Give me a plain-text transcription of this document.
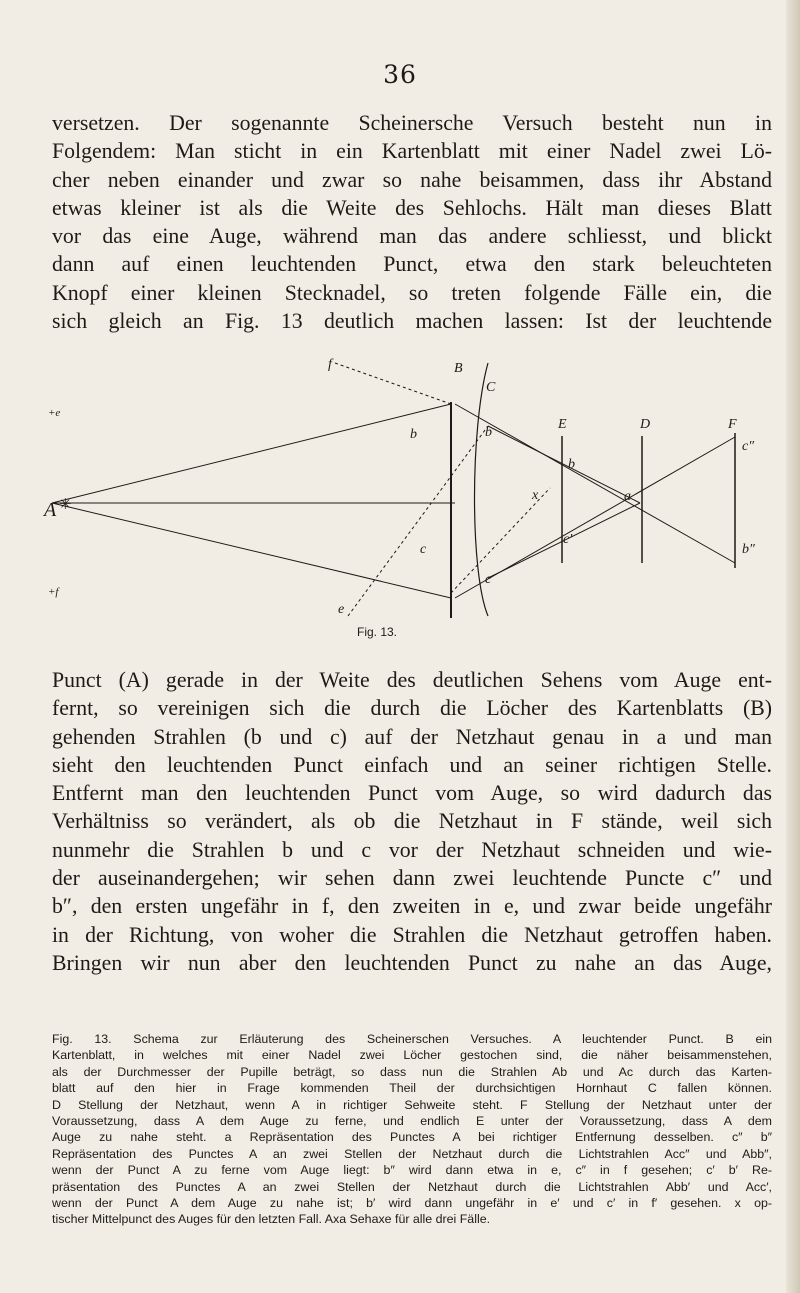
36
versetzen. Der sogenannte Scheinersche Versuch besteht nun in
Folgendem: Man sticht in ein Kartenblatt mit einer Nadel zwei Lö-
cher neben einander und zwar so nahe beisammen, dass ihr Abstand
etwas kleiner ist als die Weite des Sehlochs. Hält man dieses Blatt
vor das eine Auge, während man das andere schliesst, und blickt
dann auf einen leuchtenden Punct, etwa den stark beleuchteten
Knopf einer kleinen Stecknadel, so treten folgende Fälle ein, die
sich gleich an Fig. 13 deutlich machen lassen: Ist der leuchtende
A
+e
+f
f
e
B
C
b
c
b
c
x
E
b
c′
a
D	F
c″
b″
✳
Fig. 13.
Punct (A) gerade in der Weite des deutlichen Sehens vom Auge ent-
fernt, so vereinigen sich die durch die Löcher des Kartenblatts (B)
gehenden Strahlen (b und c) auf der Netzhaut genau in a und man
sieht den leuchtenden Punct einfach und an seiner richtigen Stelle.
Entfernt man den leuchtenden Punct vom Auge, so wird dadurch das
Verhältniss so verändert, als ob die Netzhaut in F stände, weil sich
nunmehr die Strahlen b und c vor der Netzhaut schneiden und wie-
der auseinandergehen; wir sehen dann zwei leuchtende Puncte c″ und
b″, den ersten ungefähr in f, den zweiten in e, und zwar beide ungefähr
in der Richtung, von woher die Strahlen die Netzhaut getroffen haben.
Bringen wir nun aber den leuchtenden Punct zu nahe an das Auge,
Fig. 13. Schema zur Erläuterung des Scheinerschen Versuches. A leuchtender Punct. B ein
Kartenblatt, in welches mit einer Nadel zwei Löcher gestochen sind, die näher beisammenstehen,
als der Durchmesser der Pupille beträgt, so dass nun die Strahlen Ab und Ac durch das Karten-
blatt auf den hier in Frage kommenden Theil der durchsichtigen Hornhaut C fallen können.
D Stellung der Netzhaut, wenn A in richtiger Sehweite steht. F Stellung der Netzhaut unter der
Voraussetzung, dass A dem Auge zu ferne, und endlich E unter der Voraussetzung, dass A dem
Auge zu nahe steht. a Repräsentation des Punctes A bei richtiger Entfernung desselben. c″ b″
Repräsentation des Punctes A an zwei Stellen der Netzhaut durch die Lichtstrahlen Acc″ und Abb″,
wenn der Punct A zu ferne vom Auge liegt: b″ wird dann etwa in e, c″ in f gesehen; c′ b′ Re-
präsentation des Punctes A an zwei Stellen der Netzhaut durch die Lichtstrahlen Abb′ und Acc′,
wenn der Punct A dem Auge zu nahe ist; b′ wird dann ungefähr in e′ und c′ in f′ gesehen. x op-
tischer Mittelpunct des Auges für den letzten Fall. Axa Sehaxe für alle drei Fälle.
